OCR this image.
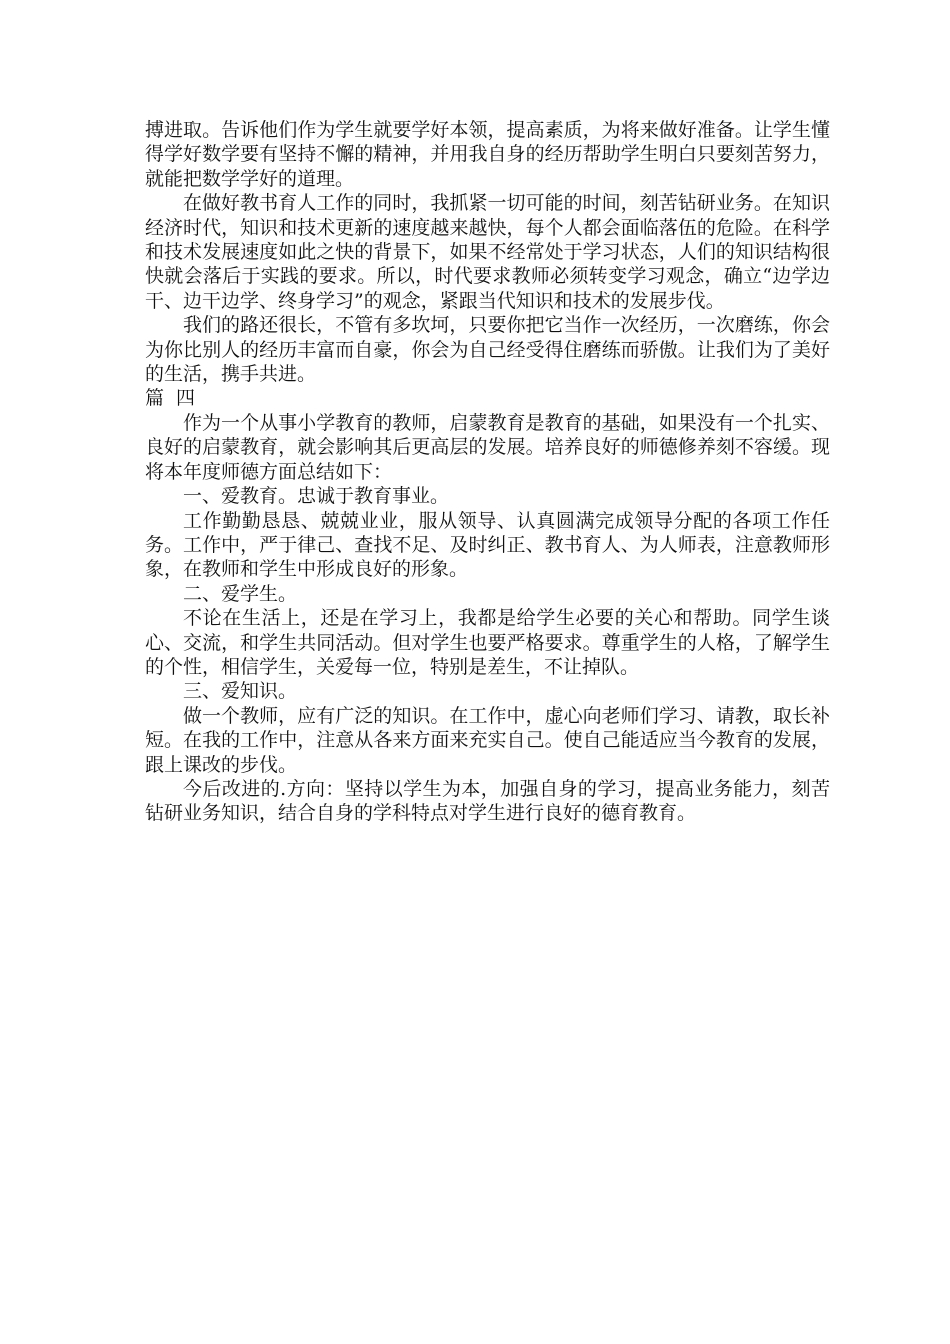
搏进取。告诉他们作为学生就要学好本领，提高素质，为将来做好准备。让学生懂得学好数学要有坚持不懈的精神，并用我自身的经历帮助学生明白只要刻苦努力，就能把数学学好的道理。

在做好教书育人工作的同时，我抓紧一切可能的时间，刻苦钻研业务。在知识经济时代，知识和技术更新的速度越来越快，每个人都会面临落伍的危险。在科学和技术发展速度如此之快的背景下，如果不经常处于学习状态，人们的知识结构很快就会落后于实践的要求。所以，时代要求教师必须转变学习观念，确立“边学边干、边干边学、终身学习”的观念，紧跟当代知识和技术的发展步伐。

我们的路还很长，不管有多坎坷，只要你把它当作一次经历，一次磨练，你会为你比别人的经历丰富而自豪，你会为自己经受得住磨练而骄傲。让我们为了美好的生活，携手共进。

篇 四

作为一个从事小学教育的教师，启蒙教育是教育的基础，如果没有一个扎实、良好的启蒙教育，就会影响其后更高层的发展。培养良好的师德修养刻不容缓。现将本年度师德方面总结如下：

一、爱教育。忠诚于教育事业。

工作勤勤恳恳、兢兢业业，服从领导、认真圆满完成领导分配的各项工作任务。工作中，严于律己、查找不足、及时纠正、教书育人、为人师表，注意教师形象，在教师和学生中形成良好的形象。

二、爱学生。

不论在生活上，还是在学习上，我都是给学生必要的关心和帮助。同学生谈心、交流，和学生共同活动。但对学生也要严格要求。尊重学生的人格，了解学生的个性，相信学生，关爱每一位，特别是差生，不让掉队。

三、爱知识。

做一个教师，应有广泛的知识。在工作中，虚心向老师们学习、请教，取长补短。在我的工作中，注意从各来方面来充实自己。使自己能适应当今教育的发展，跟上课改的步伐。

今后改进的.方向：坚持以学生为本，加强自身的学习，提高业务能力，刻苦钻研业务知识，结合自身的学科特点对学生进行良好的德育教育。
